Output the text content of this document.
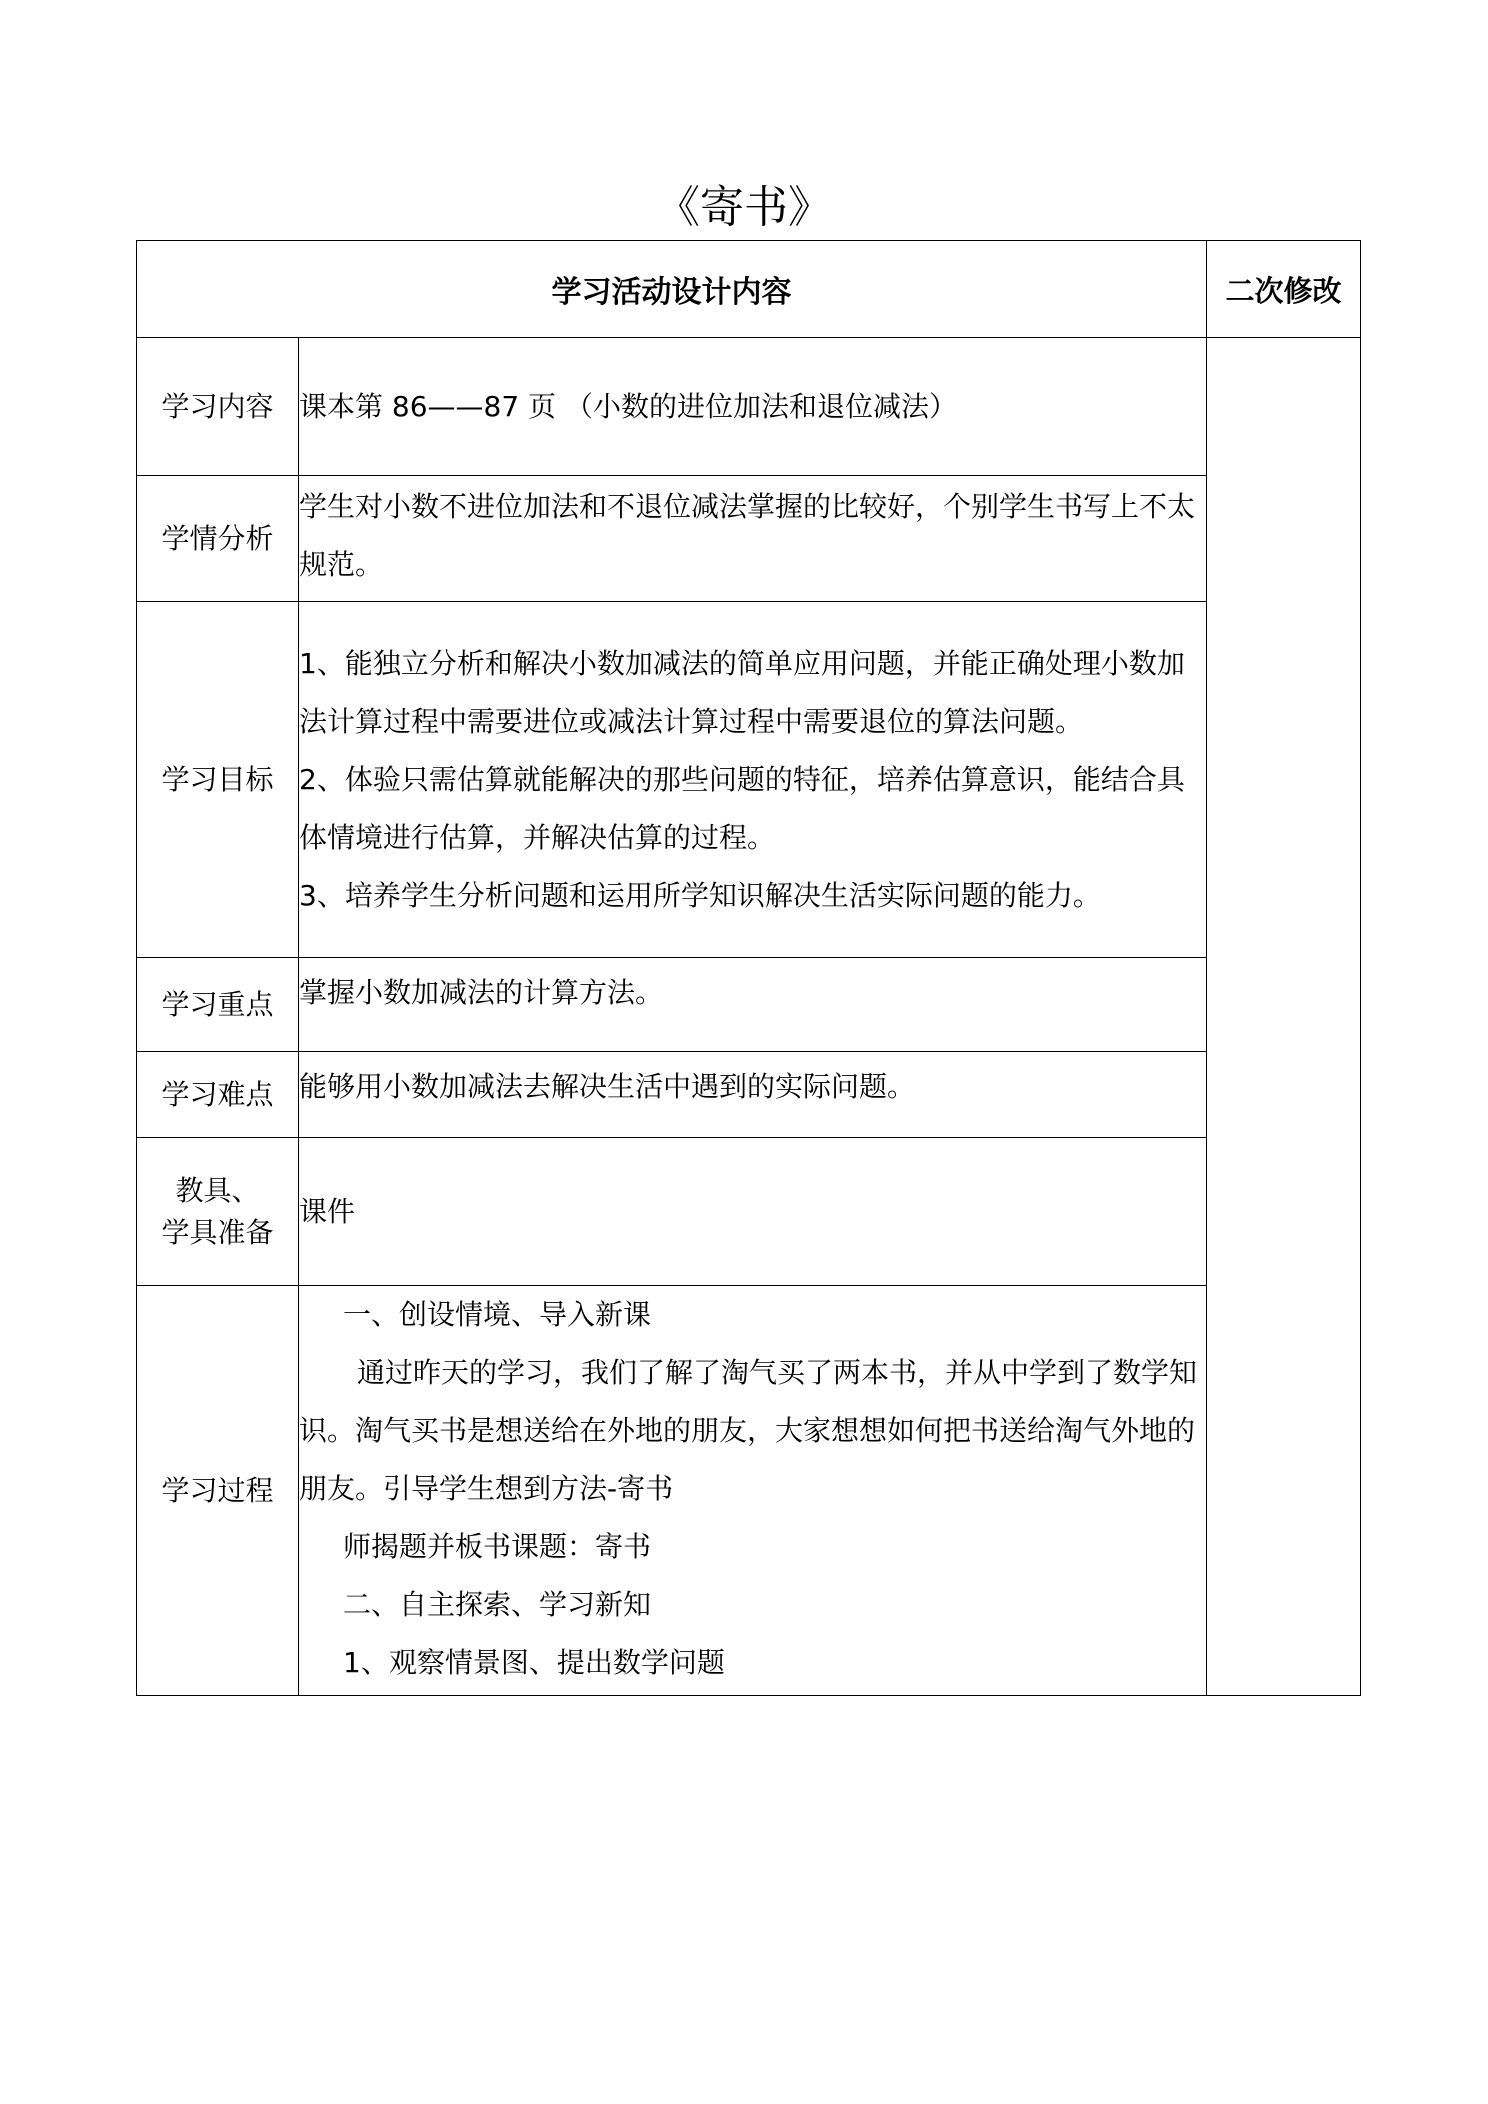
《寄书》
学习活动设计内容		二次修改
学习内容	课本第 86——87 页 （小数的进位加法和退位减法）	

学情分析	学生对小数不进位加法和不退位减法掌握的比较好，个别学生书写上不太规范。	

学习目标	1、能独立分析和解决小数加减法的简单应用问题，并能正确处理小数加法计算过程中需要进位或减法计算过程中需要退位的算法问题。

2、体验只需估算就能解决的那些问题的特征，培养估算意识，能结合具体情境进行估算，并解决估算的过程。

3、培养学生分析问题和运用所学知识解决生活实际问题的能力。	

学习重点	掌握小数加减法的计算方法。	

学习难点	能够用小数加减法去解决生活中遇到的实际问题。	

教具、
学具准备	课件	

学习过程	一、创设情境、导入新课

通过昨天的学习，我们了解了淘气买了两本书，并从中学到了数学知识。淘气买书是想送给在外地的朋友，大家想想如何把书送给淘气外地的朋友。引导学生想到方法-寄书

师揭题并板书课题：寄书

二、自主探索、学习新知

1、观察情景图、提出数学问题	
